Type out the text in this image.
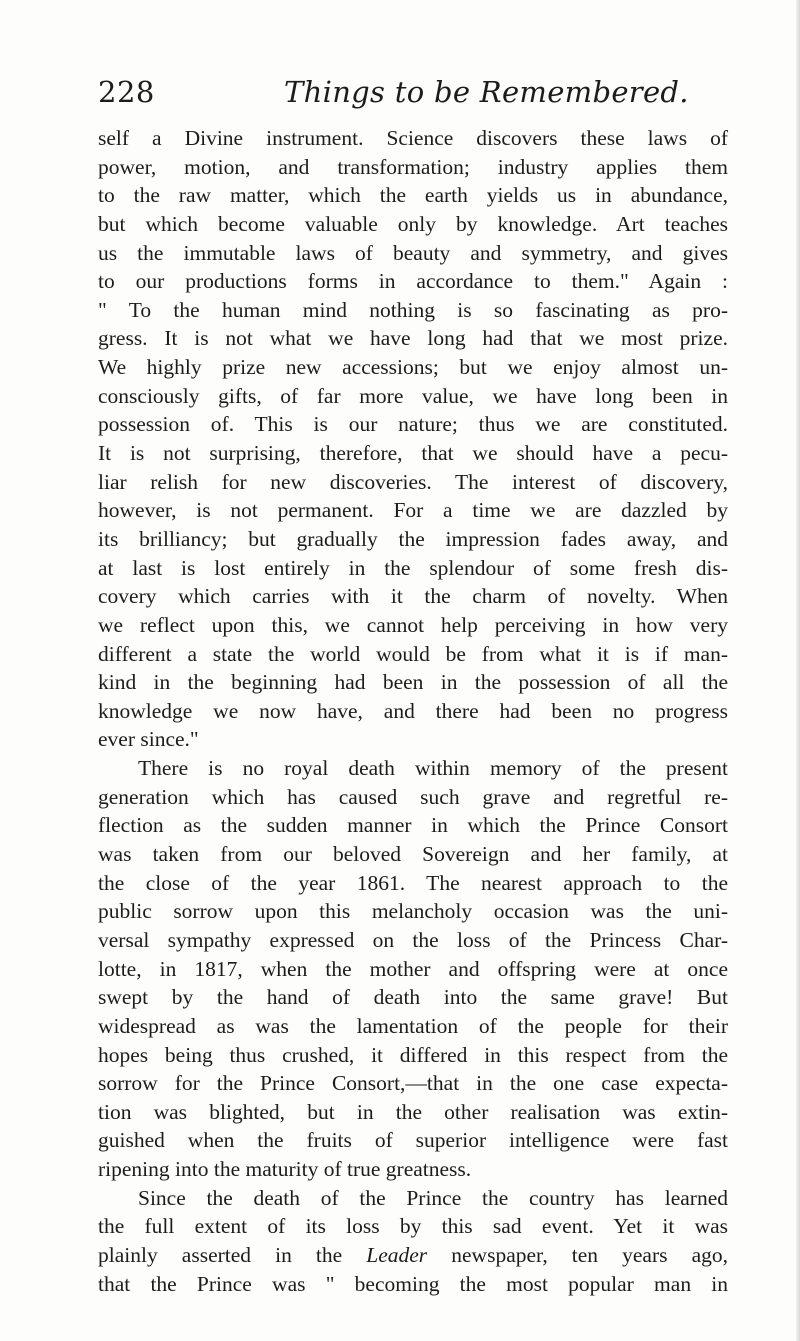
228	Things to be Remembered.
self a Divine instrument. Science discovers these laws of
power, motion, and transformation; industry applies them
to the raw matter, which the earth yields us in abundance,
but which become valuable only by knowledge. Art teaches
us the immutable laws of beauty and symmetry, and gives
to our productions forms in accordance to them." Again :
" To the human mind nothing is so fascinating as pro-
gress. It is not what we have long had that we most prize.
We highly prize new accessions; but we enjoy almost un-
consciously gifts, of far more value, we have long been in
possession of. This is our nature; thus we are constituted.
It is not surprising, therefore, that we should have a pecu-
liar relish for new discoveries. The interest of discovery,
however, is not permanent. For a time we are dazzled by
its brilliancy; but gradually the impression fades away, and
at last is lost entirely in the splendour of some fresh dis-
covery which carries with it the charm of novelty. When
we reflect upon this, we cannot help perceiving in how very
different a state the world would be from what it is if man-
kind in the beginning had been in the possession of all the
knowledge we now have, and there had been no progress
ever since."
There is no royal death within memory of the present
generation which has caused such grave and regretful re-
flection as the sudden manner in which the Prince Consort
was taken from our beloved Sovereign and her family, at
the close of the year 1861. The nearest approach to the
public sorrow upon this melancholy occasion was the uni-
versal sympathy expressed on the loss of the Princess Char-
lotte, in 1817, when the mother and offspring were at once
swept by the hand of death into the same grave! But
widespread as was the lamentation of the people for their
hopes being thus crushed, it differed in this respect from the
sorrow for the Prince Consort,—that in the one case expecta-
tion was blighted, but in the other realisation was extin-
guished when the fruits of superior intelligence were fast
ripening into the maturity of true greatness.
Since the death of the Prince the country has learned
the full extent of its loss by this sad event. Yet it was
plainly asserted in the Leader newspaper, ten years ago,
that the Prince was " becoming the most popular man in
